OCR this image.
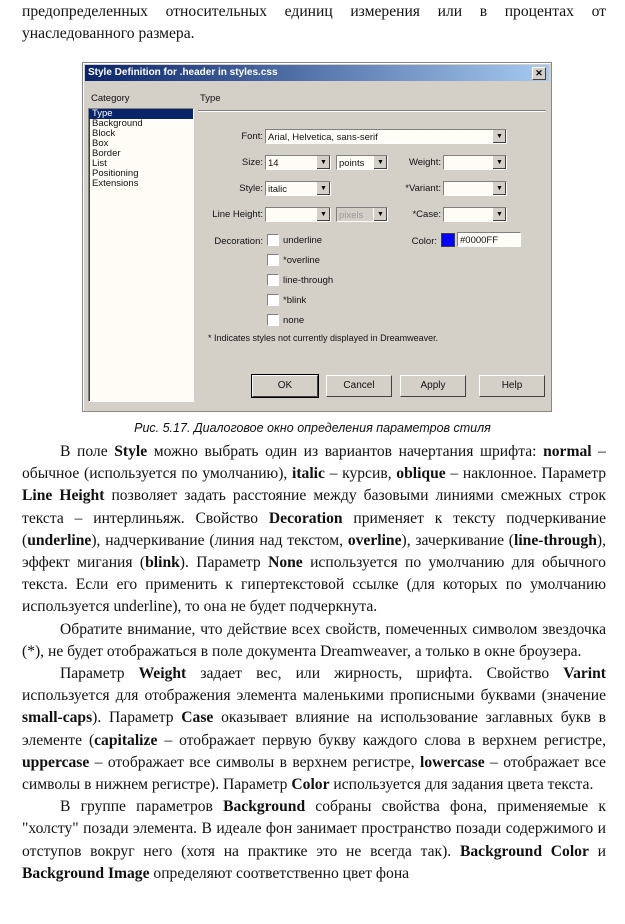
предопределенных относительных единиц измерения или в процентах от унаследованного размера.

Style Definition for .header in styles.css	✕
Category
Type
Background
Block
Box
Border
List
Positioning
Extensions
Type
Font: Arial, Helvetica, sans-serif	▼
Size: 14	▼	points	▼	Weight:	▼
Style: italic	▼	*Variant:	▼
Line Height:	▼	pixels	▼	*Case:	▼
Decoration: underline
*overline
line-through
*blink
none
Color:	#0000FF
* Indicates styles not currently displayed in Dreamweaver.
OK	Cancel	Apply	Help
Рис. 5.17. Диалоговое окно определения параметров стиля

В поле Style можно выбрать один из вариантов начертания шрифта: normal – обычное (используется по умолчанию), italic – курсив, oblique – наклонное. Параметр Line Height позволяет задать расстояние между базовыми линиями смежных строк текста – интерлиньяж. Свойство Decoration применяет к тексту подчеркивание (underline), надчеркивание (линия над текстом, overline), зачеркивание (line-through), эффект мигания (blink). Параметр None используется по умолчанию для обычного текста. Если его применить к гипертекстовой ссылке (для которых по умолчанию используется underline), то она не будет подчеркнута.

Обратите внимание, что действие всех свойств, помеченных символом звездочка (*), не будет отображаться в поле документа Dreamweaver, а только в окне броузера.

Параметр Weight задает вес, или жирность, шрифта. Свойство Varint используется для отображения элемента маленькими прописными буквами (значение small-caps). Параметр Case оказывает влияние на использование заглавных букв в элементе (capitalize – отображает первую букву каждого слова в верхнем регистре, uppercase – отображает все символы в верхнем регистре, lowercase – отображает все символы в нижнем регистре). Параметр Color используется для задания цвета текста.

В группе параметров Background собраны свойства фона, применяемые к "холсту" позади элемента. В идеале фон занимает пространство позади содержимого и отступов вокруг него (хотя на практике это не всегда так). Background Color и Background Image определяют соответственно цвет фона
